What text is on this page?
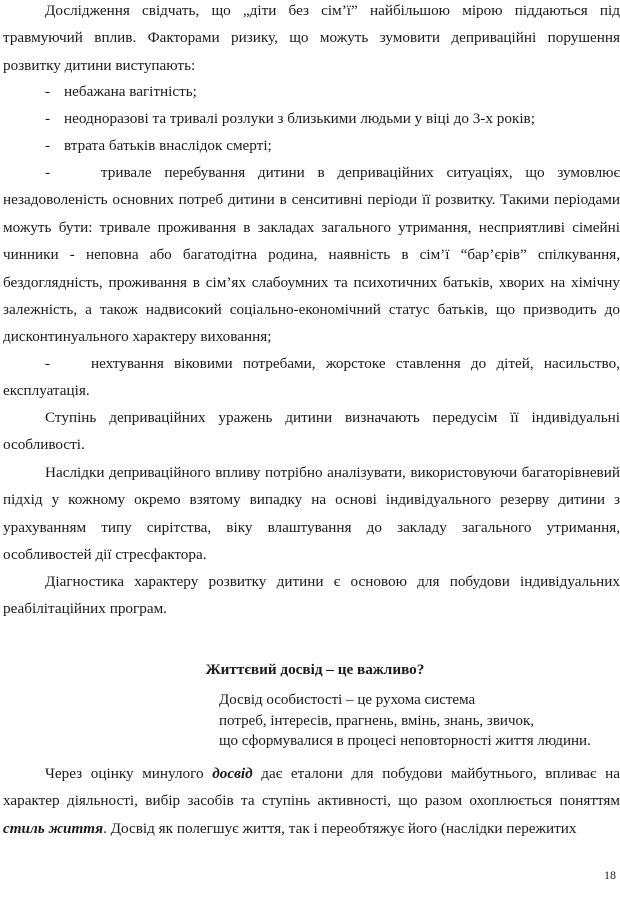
Дослідження свідчать, що „діти без сім’ї” найбільшою мірою піддаються під травмуючий вплив. Факторами ризику, що можуть зумовити деприваційні порушення розвитку дитини виступають:

- небажана вагітність;

- неодноразові та тривалі розлуки з близькими людьми у віці до 3-х років;

- втрата батьків внаслідок смерті;

-	тривале перебування дитини в деприваційних ситуаціях, що зумовлює незадоволеність основних потреб дитини в сенситивні періоди її розвитку. Такими періодами можуть бути: тривале проживання в закладах загального утримання, несприятливі сімейні чинники - неповна або багатодітна родина, наявність в сім’ї “бар’єрів” спілкування, бездоглядність, проживання в сім’ях слабоумних та психотичних батьків, хворих на хімічну залежність, а також надвисокий соціально-економічний статус батьків, що призводить до дисконтинуального характеру виховання;

-	нехтування віковими потребами, жорстоке ставлення до дітей, насильство, експлуатація.

Ступінь деприваційних уражень дитини визначають передусім її індивідуальні особливості.

Наслідки деприваційного впливу потрібно аналізувати, використовуючи багаторівневий підхід у кожному окремо взятому випадку на основі індивідуального резерву дитини з урахуванням типу сирітства, віку влаштування до закладу загального утримання, особливостей дії стресфактора.

Діагностика характеру розвитку дитини є основою для побудови індивідуальних реабілітаційних програм.

Життєвий досвід – це важливо?

Досвід особистості – це рухома система
потреб, інтересів, прагнень, вмінь, знань, звичок,
що сформувалися в процесі неповторності життя людини.

Через оцінку минулого досвід дає еталони для побудови майбутнього, впливає на характер діяльності, вибір засобів та ступінь активності, що разом охоплюється поняттям стиль життя. Досвід як полегшує життя, так і переобтяжує його (наслідки пережитих

18
